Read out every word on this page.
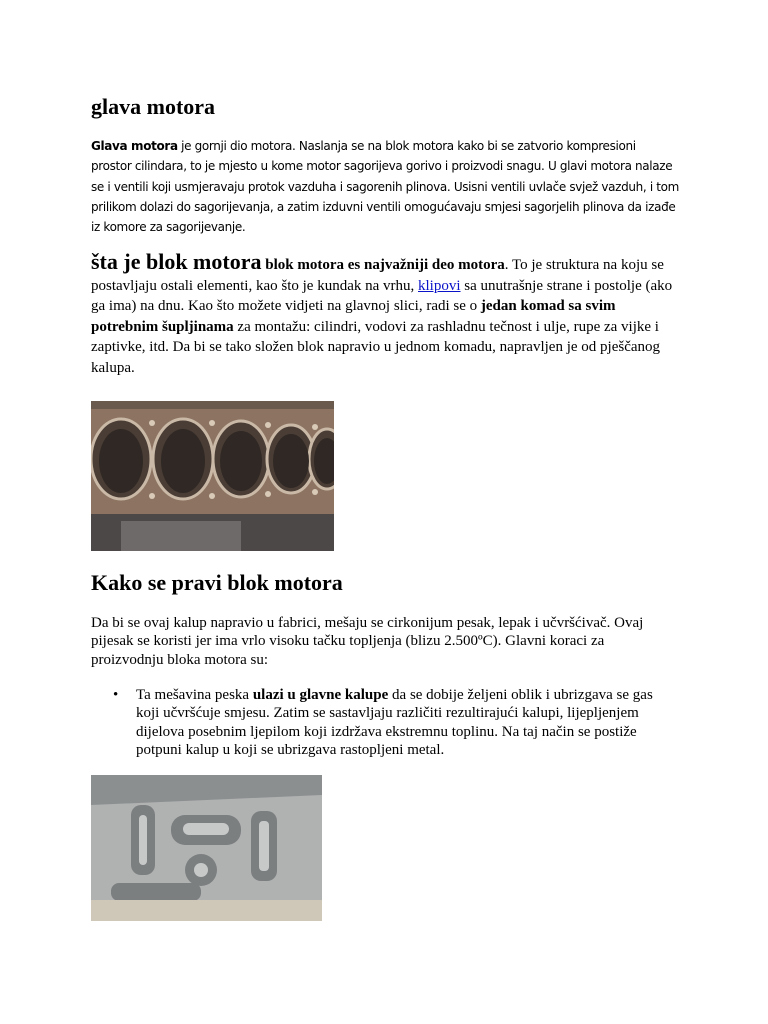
glava motora

Glava motora je gornji dio motora. Naslanja se na blok motora kako bi se zatvorio kompresioni prostor cilindara, to je mjesto u kome motor sagorijeva gorivo i proizvodi snagu. U glavi motora nalaze se i ventili koji usmjeravaju protok vazduha i sagorenih plinova. Usisni ventili uvlače svjež vazduh, i tom prilikom dolazi do sagorijevanja, a zatim izduvni ventili omogućavaju smjesi sagorjelih plinova da izađe iz komore za sagorijevanje.

šta je blok motora blok motora es najvažniji deo motora. To je struktura na koju se postavljaju ostali elementi, kao što je kundak na vrhu, klipovi sa unutrašnje strane i postolje (ako ga ima) na dnu. Kao što možete vidjeti na glavnoj slici, radi se o jedan komad sa svim potrebnim šupljinama za montažu: cilindri, vodovi za rashladnu tečnost i ulje, rupe za vijke i zaptivke, itd. Da bi se tako složen blok napravio u jednom komadu, napravljen je od pješčanog kalupa.

Kako se pravi blok motora

Da bi se ovaj kalup napravio u fabrici, mešaju se cirkonijum pesak, lepak i učvršćivač. Ovaj pijesak se koristi jer ima vrlo visoku tačku topljenja (blizu 2.500ºC). Glavni koraci za proizvodnju bloka motora su:

• Ta mešavina peska ulazi u glavne kalupe da se dobije željeni oblik i ubrizgava se gas koji učvršćuje smjesu. Zatim se sastavljaju različiti rezultirajući kalupi, lijepljenjem dijelova posebnim ljepilom koji izdržava ekstremnu toplinu. Na taj način se postiže potpuni kalup u koji se ubrizgava rastopljeni metal.
